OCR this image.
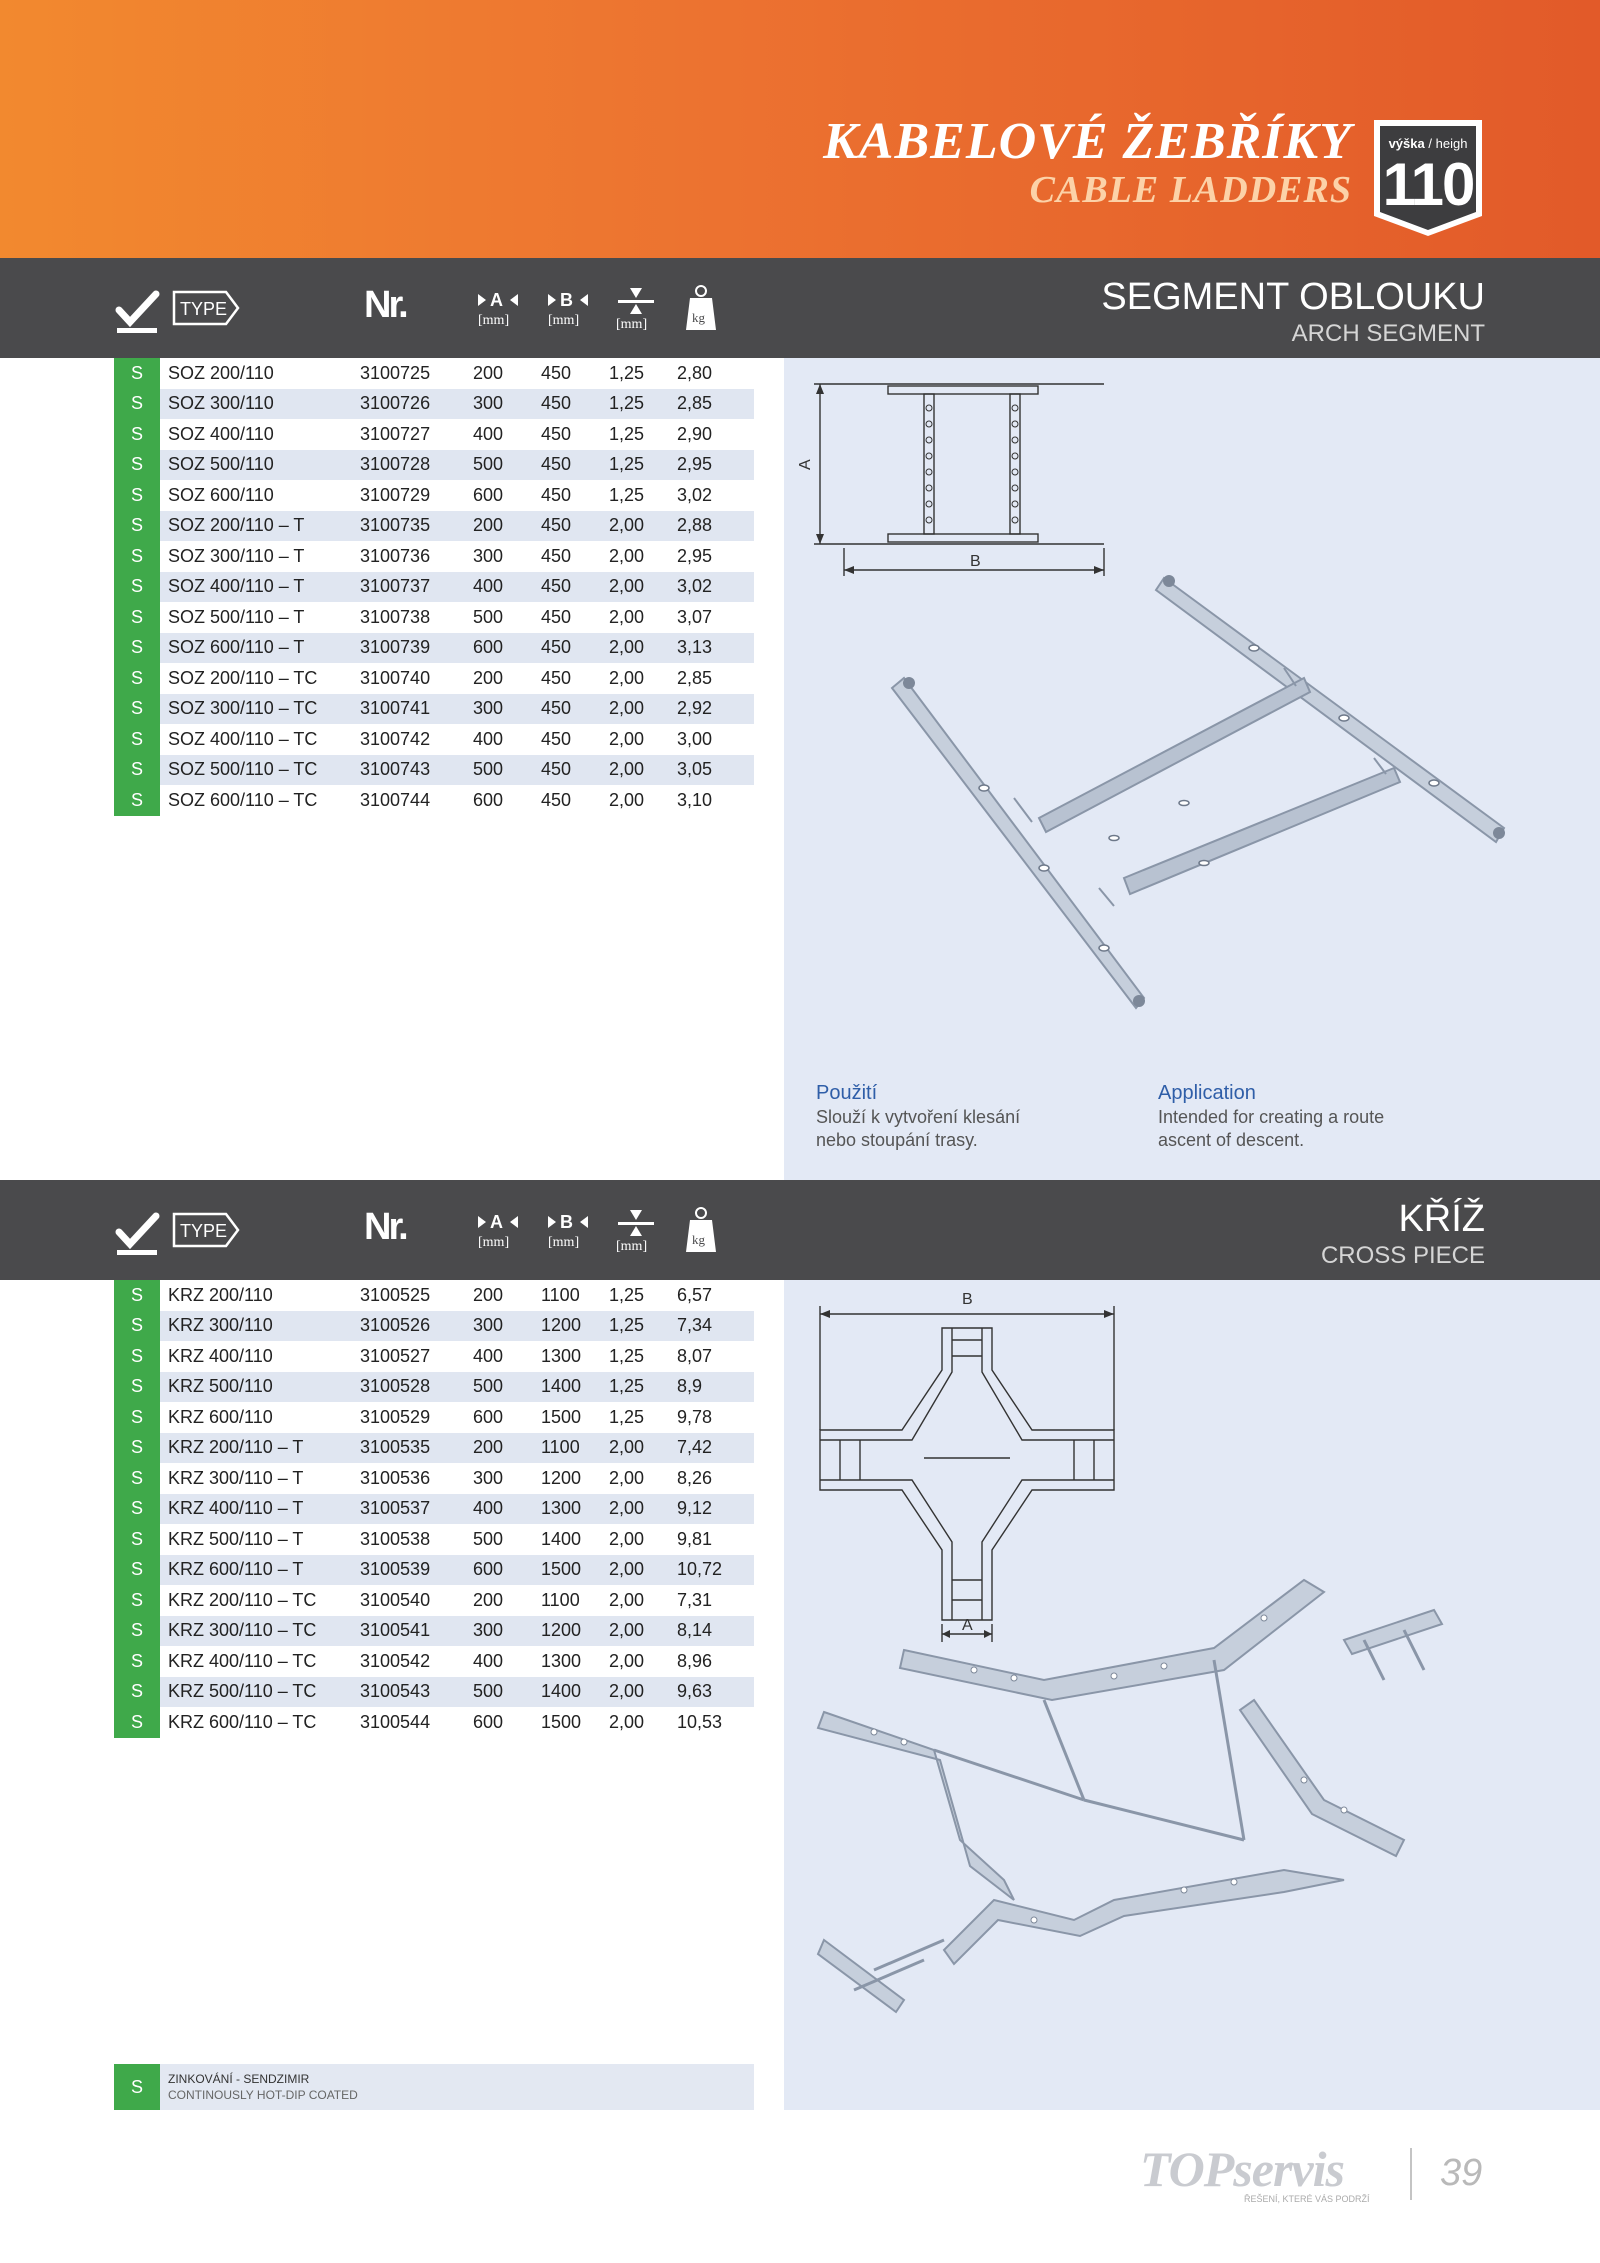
KABELOVÉ ŽEBŘÍKY
CABLE LADDERS
výška / heigh
110
TYPE	Nr.	A
[mm]
B
[mm]	[mm]	kg	SEGMENT OBLOUKU
ARCH SEGMENT
S	SOZ 200/110	3100725	200	450	1,25	2,80
S	SOZ 300/110	3100726	300	450	1,25	2,85
S	SOZ 400/110	3100727	400	450	1,25	2,90
S	SOZ 500/110	3100728	500	450	1,25	2,95
S	SOZ 600/110	3100729	600	450	1,25	3,02
S	SOZ 200/110 – T	3100735	200	450	2,00	2,88
S	SOZ 300/110 – T	3100736	300	450	2,00	2,95
S	SOZ 400/110 – T	3100737	400	450	2,00	3,02
S	SOZ 500/110 – T	3100738	500	450	2,00	3,07
S	SOZ 600/110 – T	3100739	600	450	2,00	3,13
S	SOZ 200/110 – TC	3100740	200	450	2,00	2,85
S	SOZ 300/110 – TC	3100741	300	450	2,00	2,92
S	SOZ 400/110 – TC	3100742	400	450	2,00	3,00
S	SOZ 500/110 – TC	3100743	500	450	2,00	3,05
S	SOZ 600/110 – TC	3100744	600	450	2,00	3,10
A
B
Použití
Slouží k vytvoření klesání
nebo stoupání trasy.
Application
Intended for creating a route
ascent of descent.
TYPE	Nr.	A
[mm]
B
[mm]	[mm]	kg	KŘÍŽ
CROSS PIECE
S	KRZ 200/110	3100525	200	1100	1,25	6,57
S	KRZ 300/110	3100526	300	1200	1,25	7,34
S	KRZ 400/110	3100527	400	1300	1,25	8,07
S	KRZ 500/110	3100528	500	1400	1,25	8,9
S	KRZ 600/110	3100529	600	1500	1,25	9,78
S	KRZ 200/110 – T	3100535	200	1100	2,00	7,42
S	KRZ 300/110 – T	3100536	300	1200	2,00	8,26
S	KRZ 400/110 – T	3100537	400	1300	2,00	9,12
S	KRZ 500/110 – T	3100538	500	1400	2,00	9,81
S	KRZ 600/110 – T	3100539	600	1500	2,00	10,72
S	KRZ 200/110 – TC	3100540	200	1100	2,00	7,31
S	KRZ 300/110 – TC	3100541	300	1200	2,00	8,14
S	KRZ 400/110 – TC	3100542	400	1300	2,00	8,96
S	KRZ 500/110 – TC	3100543	500	1400	2,00	9,63
S	KRZ 600/110 – TC	3100544	600	1500	2,00	10,53
B
A
S	ZINKOVÁNÍ - SENDZIMIR
CONTINOUSLY HOT-DIP COATED
TOPservis
ŘEŠENÍ, KTERÉ VÁS PODRŽÍ
39
